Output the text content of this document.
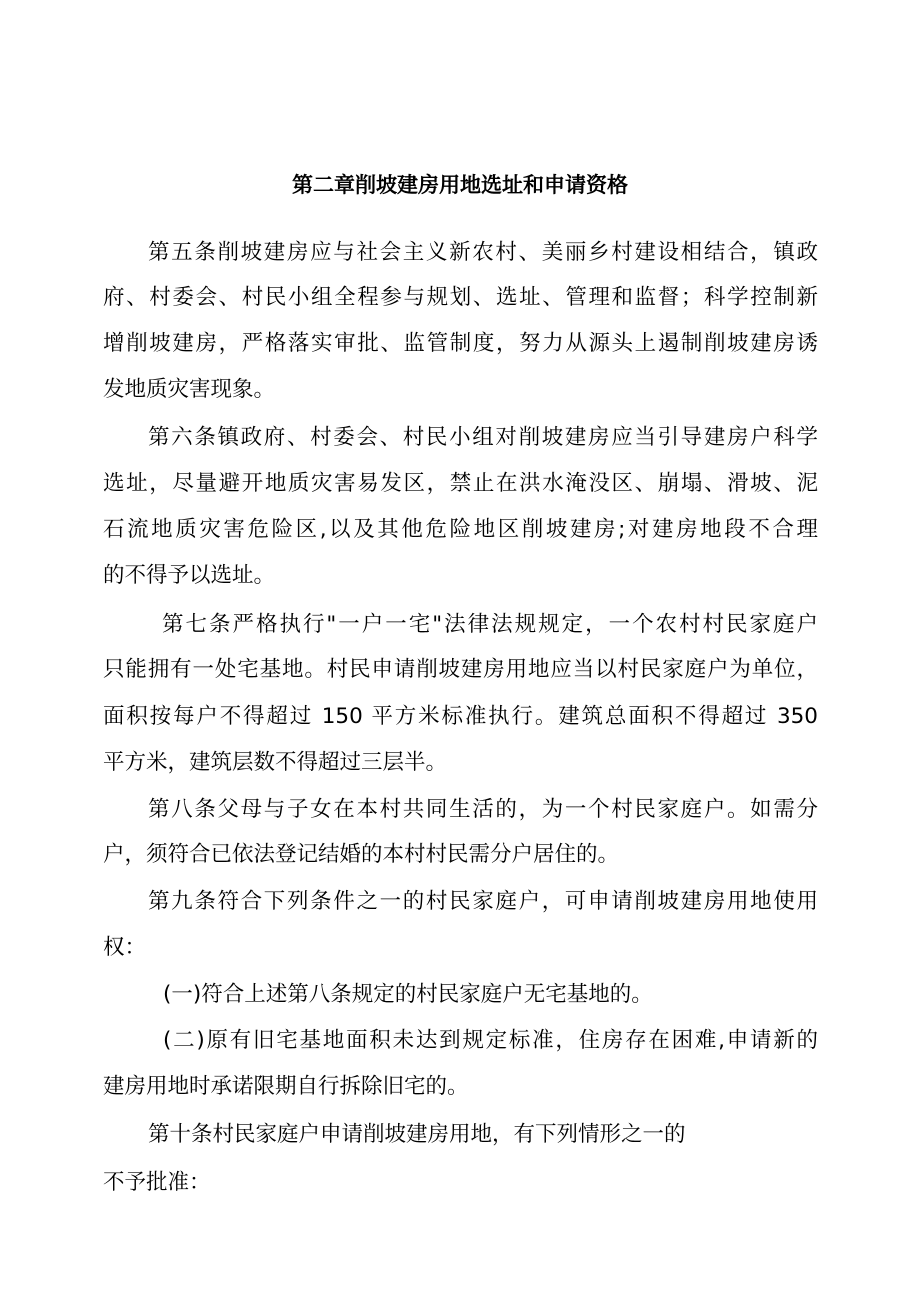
第二章削坡建房用地选址和申请资格
第五条削坡建房应与社会主义新农村、美丽乡村建设相结合，镇政
府、村委会、村民小组全程参与规划、选址、管理和监督；科学控制新
增削坡建房，严格落实审批、监管制度，努力从源头上遏制削坡建房诱
发地质灾害现象。
第六条镇政府、村委会、村民小组对削坡建房应当引导建房户科学
选址，尽量避开地质灾害易发区，禁止在洪水淹没区、崩塌、滑坡、泥
石流地质灾害危险区,以及其他危险地区削坡建房;对建房地段不合理
的不得予以选址。
第七条严格执行"一户一宅"法律法规规定，一个农村村民家庭户
只能拥有一处宅基地。村民申请削坡建房用地应当以村民家庭户为单位，
面积按每户不得超过 150 平方米标准执行。建筑总面积不得超过 350
平方米，建筑层数不得超过三层半。
第八条父母与子女在本村共同生活的，为一个村民家庭户。如需分
户，须符合已依法登记结婚的本村村民需分户居住的。
第九条符合下列条件之一的村民家庭户，可申请削坡建房用地使用
权：
(一)符合上述第八条规定的村民家庭户无宅基地的。
(二)原有旧宅基地面积未达到规定标准，住房存在困难,申请新的
建房用地时承诺限期自行拆除旧宅的。
第十条村民家庭户申请削坡建房用地，有下列情形之一的
不予批准：
